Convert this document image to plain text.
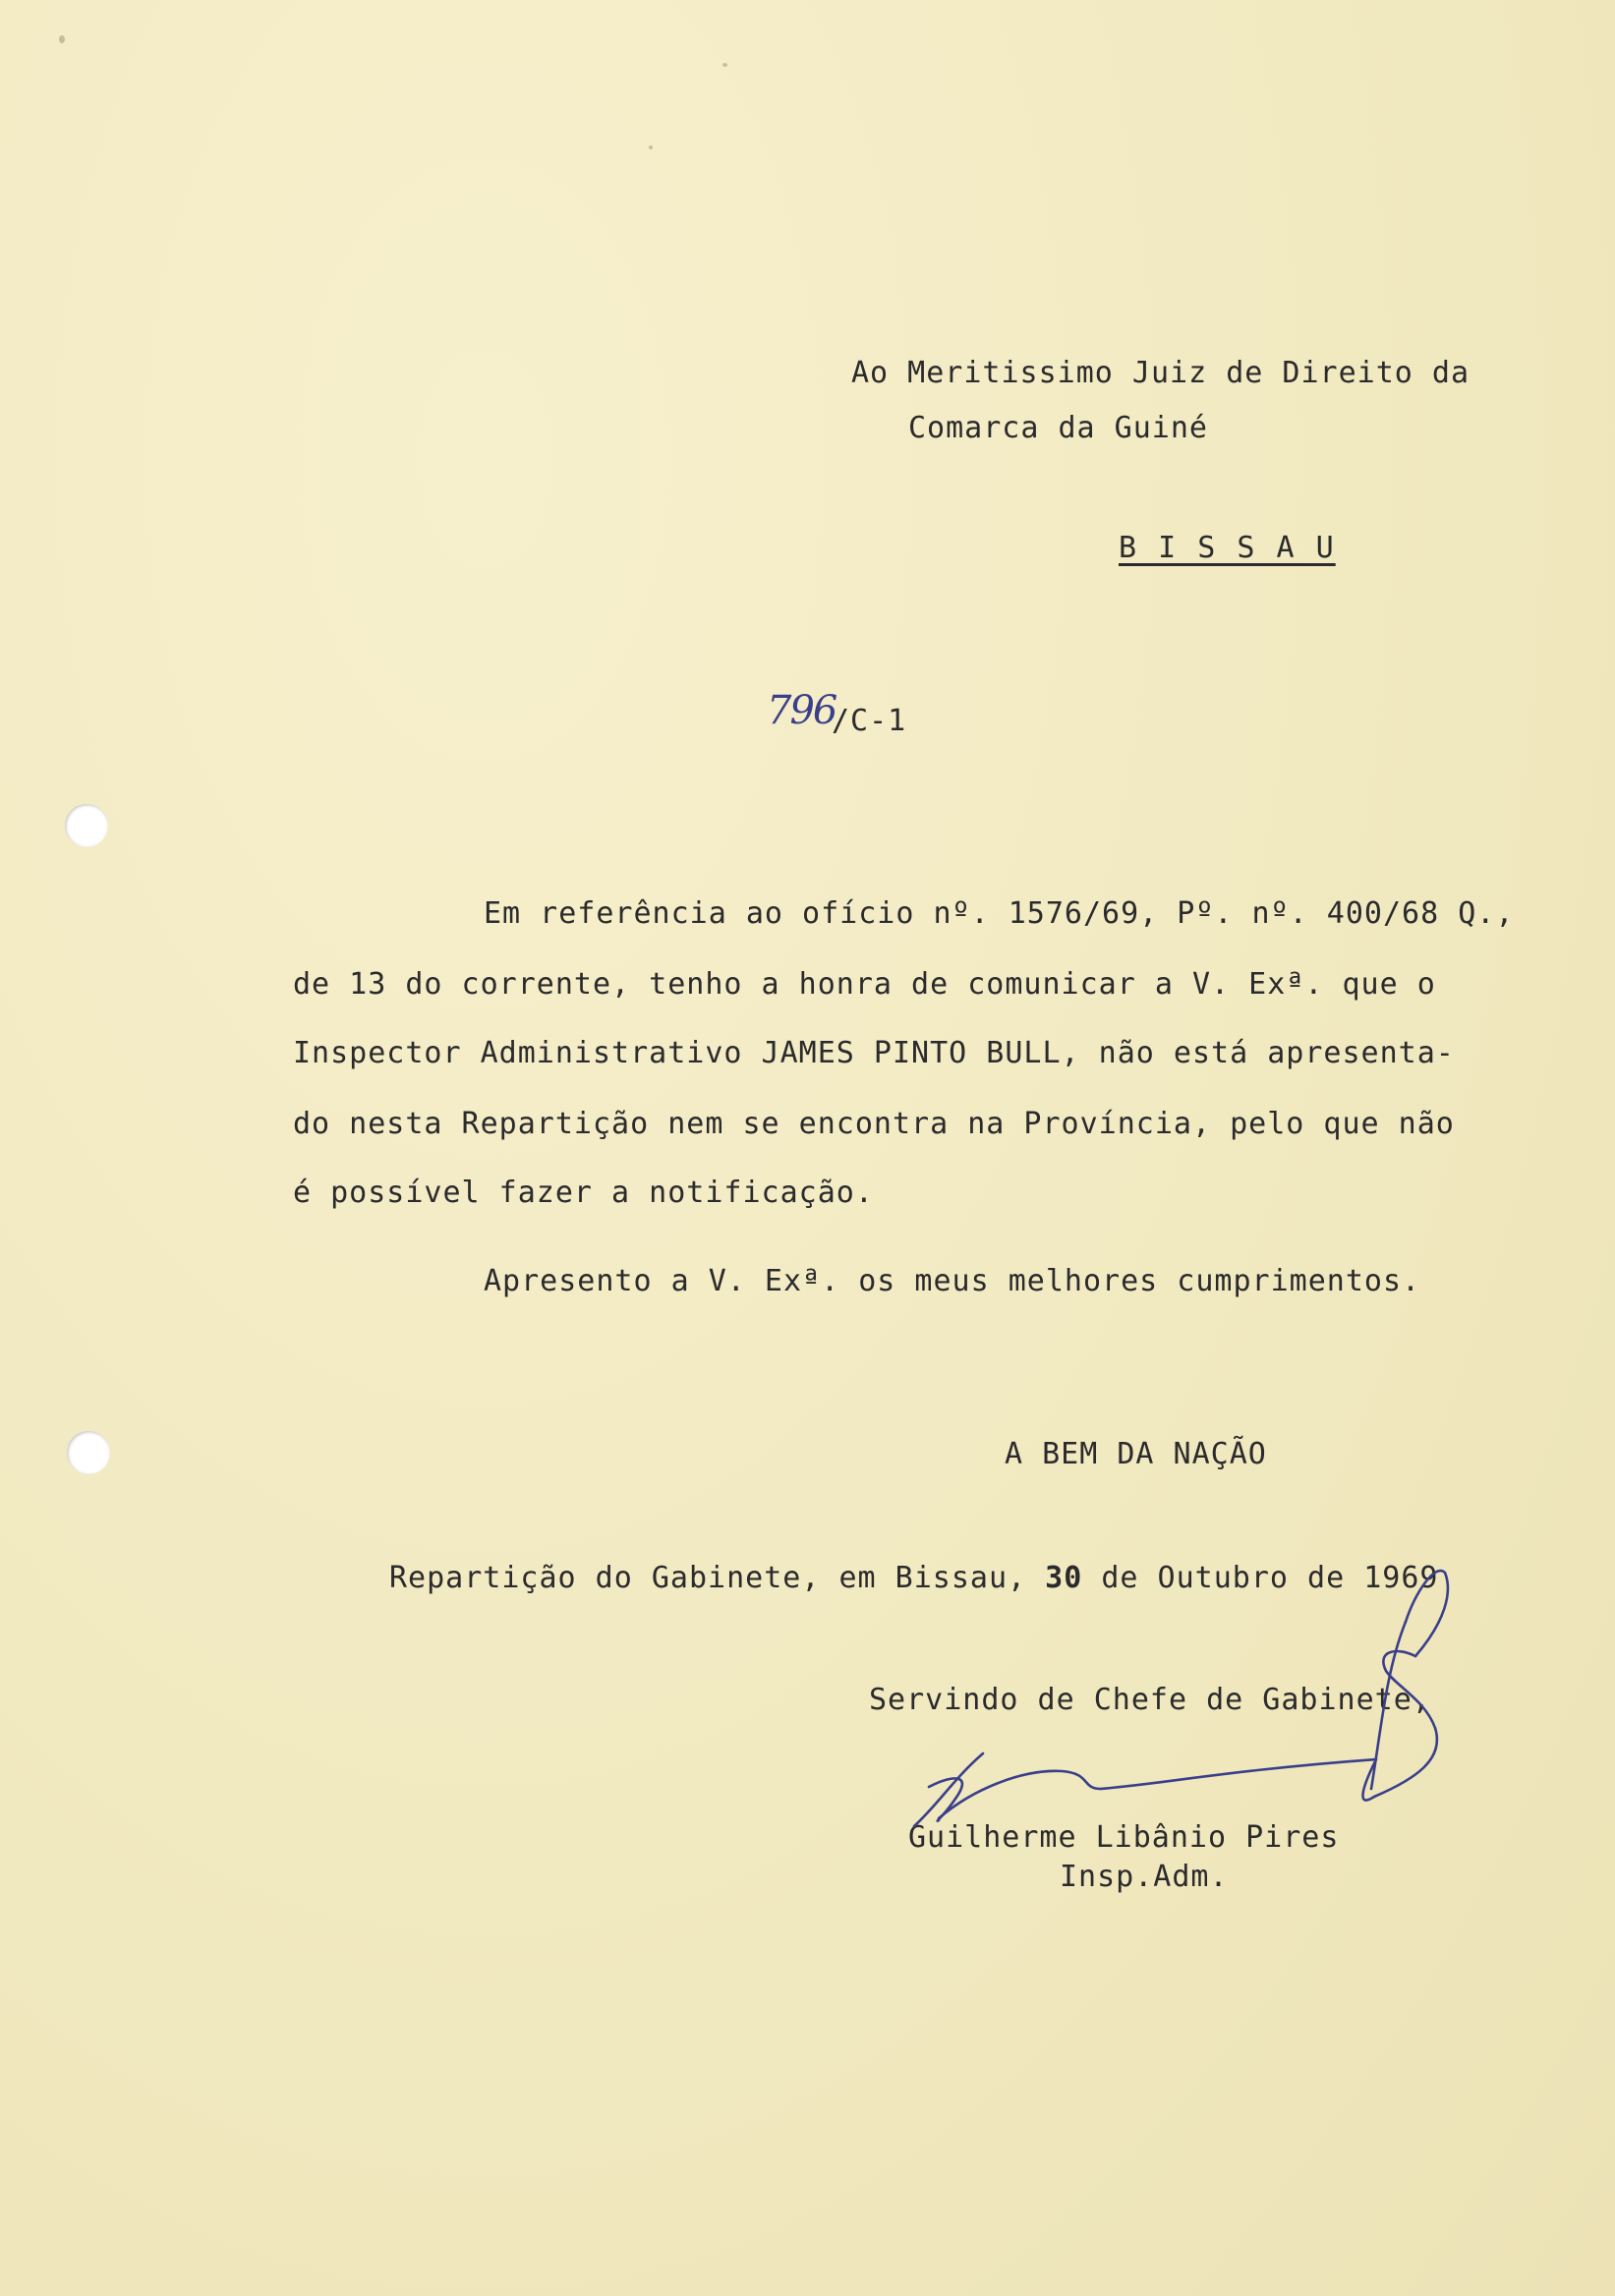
Ao Meritissimo Juiz de Direito da
Comarca da Guiné
B I S S A U
796
/C-1
Em referência ao ofício nº. 1576/69, Pº. nº. 400/68 Q.,
de 13 do corrente, tenho a honra de comunicar a V. Exª. que o
Inspector Administrativo JAMES PINTO BULL, não está apresenta-
do nesta Repartição nem se encontra na Província, pelo que não
é possível fazer a notificação.
Apresento a V. Exª. os meus melhores cumprimentos.
A BEM DA NAÇÃO
Repartição do Gabinete, em Bissau, 30 de Outubro de 1969
Servindo de Chefe de Gabinete,
Guilherme Libânio Pires
Insp.Adm.
